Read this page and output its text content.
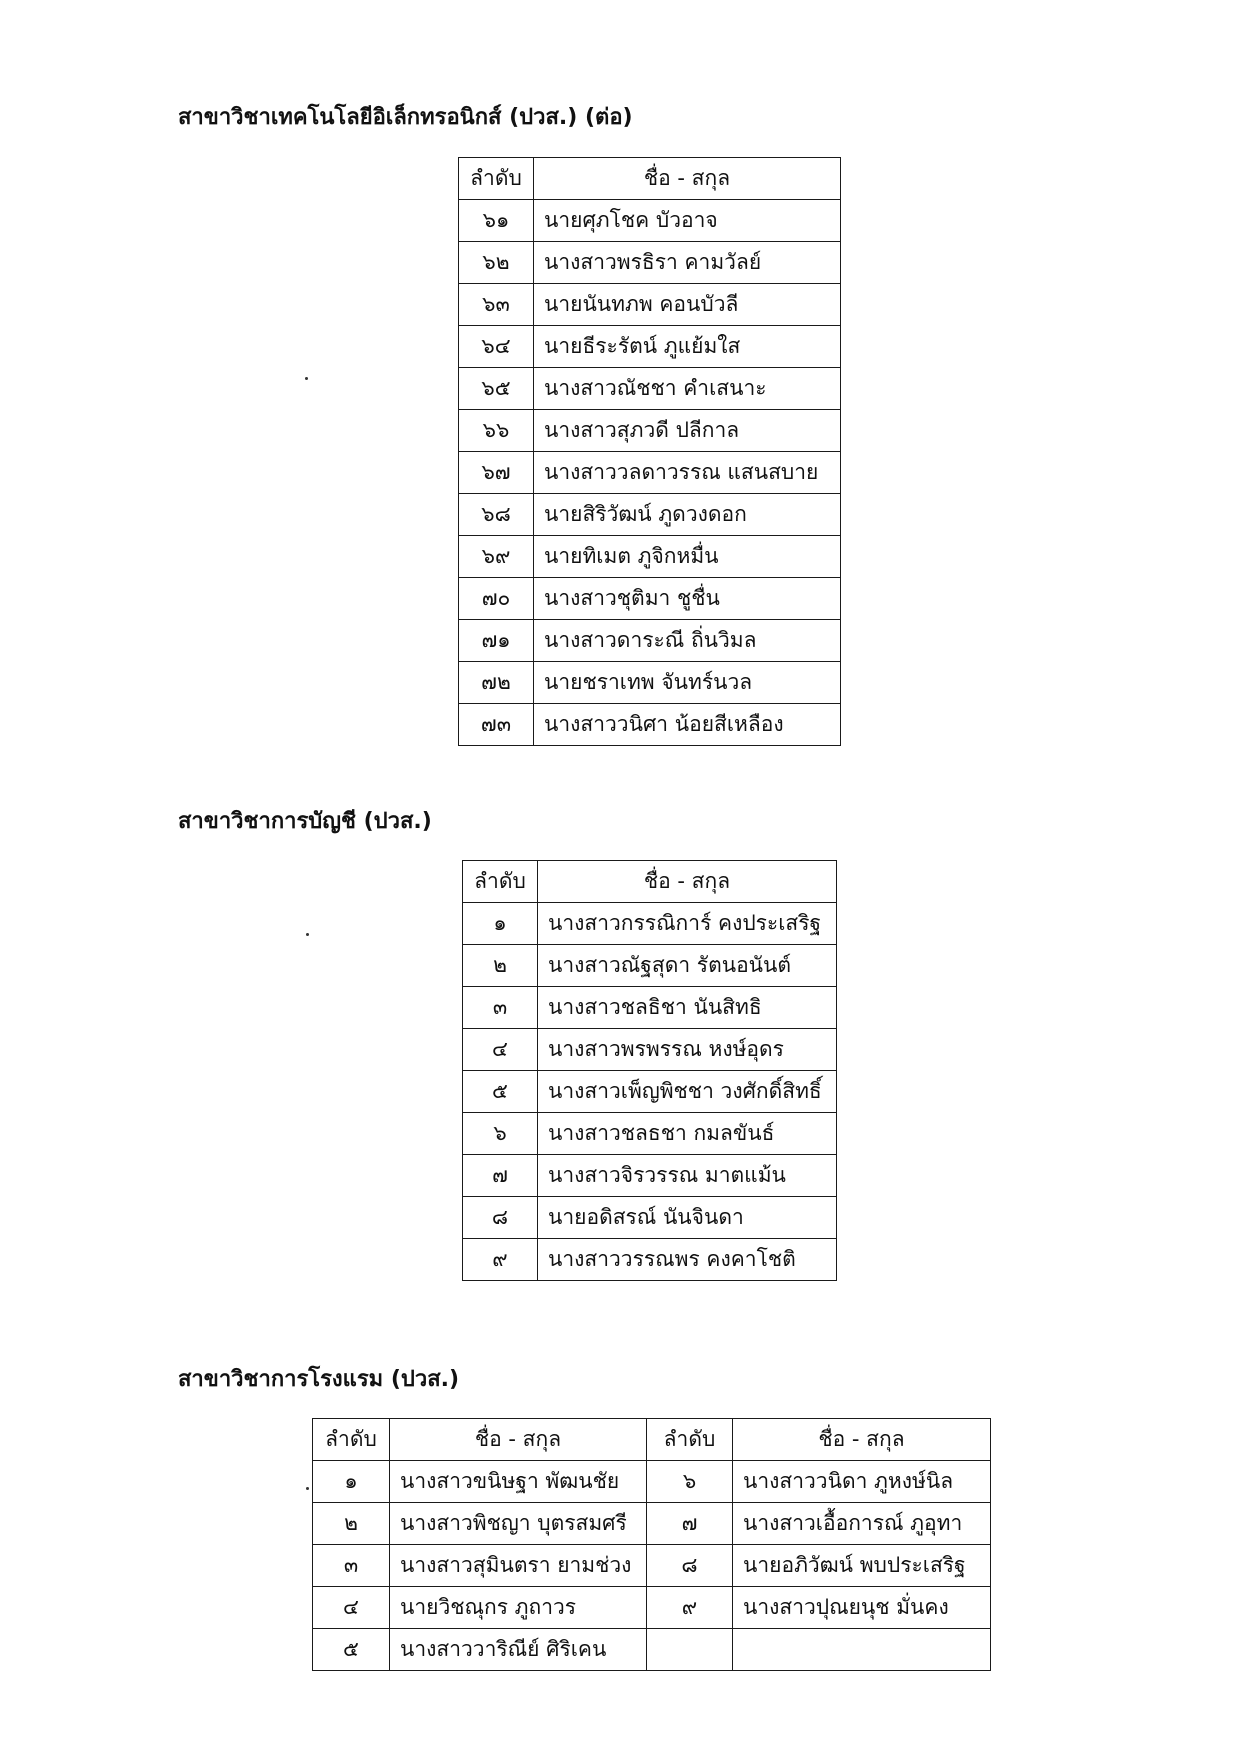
สาขาวิชาเทคโนโลยีอิเล็กทรอนิกส์ (ปวส.) (ต่อ)
ลำดับ	ชื่อ - สกุล
๖๑	นายศุภโชค บัวอาจ
๖๒	นางสาวพรธิรา คามวัลย์
๖๓	นายนันทภพ คอนบัวลี
๖๔	นายธีระรัตน์ ภูแย้มใส
๖๕	นางสาวณัชชา คำเสนาะ
๖๖	นางสาวสุภวดี ปลีกาล
๖๗	นางสาววลดาวรรณ แสนสบาย
๖๘	นายสิริวัฒน์ ภูดวงดอก
๖๙	นายทิเมต ภูจิกหมื่น
๗๐	นางสาวชุติมา ชูชื่น
๗๑	นางสาวดาระณี ถิ่นวิมล
๗๒	นายชราเทพ จันทร์นวล
๗๓	นางสาววนิศา น้อยสีเหลือง
สาขาวิชาการบัญชี (ปวส.)
ลำดับ	ชื่อ - สกุล
๑	นางสาวกรรณิการ์ คงประเสริฐ
๒	นางสาวณัฐสุดา รัตนอนันต์
๓	นางสาวชลธิชา นันสิทธิ
๔	นางสาวพรพรรณ หงษ์อุดร
๕	นางสาวเพ็ญพิชชา วงศักดิ์สิทธิ์
๖	นางสาวชลธชา กมลขันธ์
๗	นางสาวจิรวรรณ มาตแม้น
๘	นายอดิสรณ์ นันจินดา
๙	นางสาววรรณพร คงคาโชติ
สาขาวิชาการโรงแรม (ปวส.)
ลำดับ	ชื่อ - สกุล	ลำดับ	ชื่อ - สกุล
๑	นางสาวขนิษฐา พัฒนชัย	๖	นางสาววนิดา ภูหงษ์นิล
๒	นางสาวพิชญา บุตรสมศรี	๗	นางสาวเอื้อการณ์ ภูอุทา
๓	นางสาวสุมินตรา ยามช่วง	๘	นายอภิวัฒน์ พบประเสริฐ
๔	นายวิชณุกร ภูถาวร	๙	นางสาวปุณยนุช มั่นคง
๕	นางสาววาริณีย์ ศิริเคน		
